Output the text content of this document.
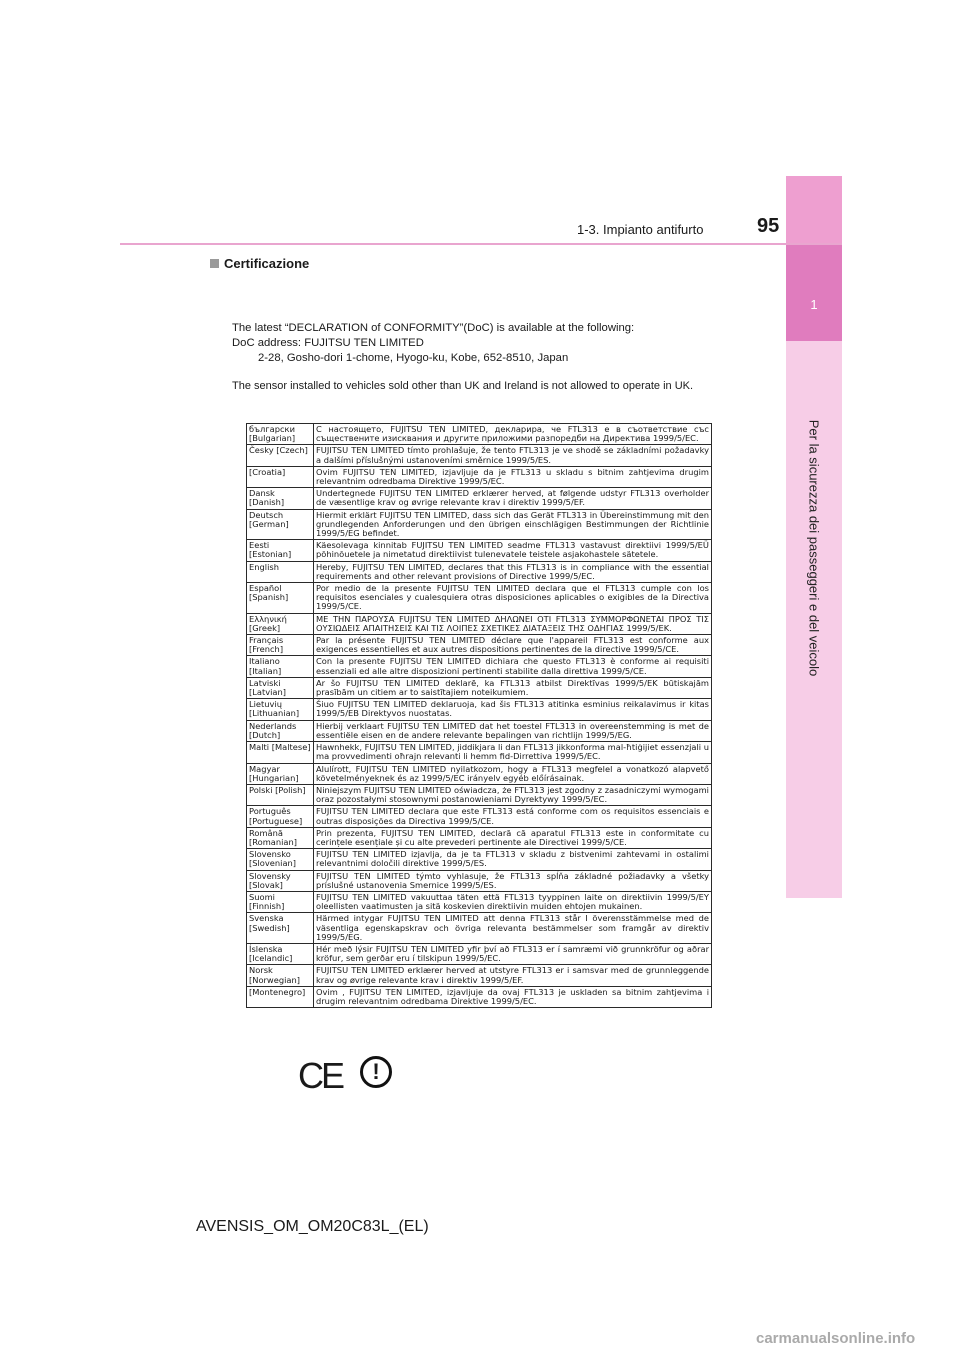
1
Per la sicurezza dei passeggeri e del veicolo
1-3. Impianto antifurto	95
Certificazione
The latest “DECLARATION of CONFORMITY”(DoC) is available at the following:
DoC address: FUJITSU TEN LIMITED
2-28, Gosho-dori 1-chome, Hyogo-ku, Kobe, 652-8510, Japan
The sensor installed to vehicles sold other than UK and Ireland is not allowed to operate in UK.
български [Bulgarian]	С настоящето, FUJITSU TEN LIMITED, декларира, че FTL313 е в съответствие със съществените изисквания и другите приложими разпоредби на Директива 1999/5/ЕС.
Česky [Czech]	FUJITSU TEN LIMITED tímto prohlašuje, že tento FTL313 je ve shodě se základními požadavky a dalšími příslušnými ustanoveními směrnice 1999/5/ES.
[Croatia]	Ovim FUJITSU TEN LIMITED, izjavljuje da je FTL313 u skladu s bitnim zahtjevima drugim relevantnim odredbama Direktive 1999/5/EC.
Dansk [Danish]	Undertegnede FUJITSU TEN LIMITED erklærer herved, at følgende udstyr FTL313 overholder de væsentlige krav og øvrige relevante krav i direktiv 1999/5/EF.
Deutsch [German]	Hiermit erklärt FUJITSU TEN LIMITED, dass sich das Gerät FTL313 in Übereinstimmung mit den grundlegenden Anforderungen und den übrigen einschlägigen Bestimmungen der Richtlinie 1999/5/EG befindet.
Eesti [Estonian]	Käesolevaga kinnitab FUJITSU TEN LIMITED seadme FTL313 vastavust direktiivi 1999/5/EÜ põhinõuetele ja nimetatud direktiivist tulenevatele teistele asjakohastele sätetele.
English	Hereby, FUJITSU TEN LIMITED, declares that this FTL313 is in compliance with the essential requirements and other relevant provisions of Directive 1999/5/EC.
Español [Spanish]	Por medio de la presente FUJITSU TEN LIMITED declara que el FTL313 cumple con los requisitos esenciales y cualesquiera otras disposiciones aplicables o exigibles de la Directiva 1999/5/CE.
Ελληνική [Greek]	ΜΕ ΤΗΝ ΠΑΡΟΥΣΑ FUJITSU TEN LIMITED ΔΗΛΩΝΕΙ ΟΤΙ FTL313 ΣΥΜΜΟΡΦΩΝΕΤΑΙ ΠΡΟΣ ΤΙΣ ΟΥΣΙΩΔΕΙΣ ΑΠΑΙΤΗΣΕΙΣ ΚΑΙ ΤΙΣ ΛΟΙΠΕΣ ΣΧΕΤΙΚΕΣ ΔΙΑΤΑΞΕΙΣ ΤΗΣ ΟΔΗΓΙΑΣ 1999/5/ΕΚ.
Français [French]	Par la présente FUJITSU TEN LIMITED déclare que l'appareil FTL313 est conforme aux exigences essentielles et aux autres dispositions pertinentes de la directive 1999/5/CE.
Italiano [Italian]	Con la presente FUJITSU TEN LIMITED dichiara che questo FTL313 è conforme ai requisiti essenziali ed alle altre disposizioni pertinenti stabilite dalla direttiva 1999/5/CE.
Latviski [Latvian]	Ar šo FUJITSU TEN LIMITED deklarē, ka FTL313 atbilst Direktīvas 1999/5/EK būtiskajām prasībām un citiem ar to saistītajiem noteikumiem.
Lietuvių [Lithuanian]	Šiuo FUJITSU TEN LIMITED deklaruoja, kad šis FTL313 atitinka esminius reikalavimus ir kitas 1999/5/EB Direktyvos nuostatas.
Nederlands [Dutch]	Hierbij verklaart FUJITSU TEN LIMITED dat het toestel FTL313 in overeenstemming is met de essentiële eisen en de andere relevante bepalingen van richtlijn 1999/5/EG.
Malti [Maltese]	Hawnhekk, FUJITSU TEN LIMITED, jiddikjara li dan FTL313 jikkonforma mal-ħtiġijiet essenzjali u ma provvedimenti oħrajn relevanti li hemm fid-Dirrettiva 1999/5/EC.
Magyar [Hungarian]	Alulírott, FUJITSU TEN LIMITED nyilatkozom, hogy a FTL313 megfelel a vonatkozó alapvető követelményeknek és az 1999/5/EC irányelv egyéb előírásainak.
Polski [Polish]	Niniejszym FUJITSU TEN LIMITED oświadcza, że FTL313 jest zgodny z zasadniczymi wymogami oraz pozostałymi stosownymi postanowieniami Dyrektywy 1999/5/EC.
Português [Portuguese]	FUJITSU TEN LIMITED declara que este FTL313 está conforme com os requisitos essenciais e outras disposições da Directiva 1999/5/CE.
Română [Romanian]	Prin prezenta, FUJITSU TEN LIMITED, declară că aparatul FTL313 este in conformitate cu cerințele esențiale și cu alte prevederi pertinente ale Directivei 1999/5/CE.
Slovensko [Slovenian]	FUJITSU TEN LIMITED izjavlja, da je ta FTL313 v skladu z bistvenimi zahtevami in ostalimi relevantnimi določili direktive 1999/5/ES.
Slovensky [Slovak]	FUJITSU TEN LIMITED týmto vyhlasuje, že FTL313 spĺňa základné požiadavky a všetky príslušné ustanovenia Smernice 1999/5/ES.
Suomi [Finnish]	FUJITSU TEN LIMITED vakuuttaa täten että FTL313 tyyppinen laite on direktiivin 1999/5/EY oleellisten vaatimusten ja sitä koskevien direktiivin muiden ehtojen mukainen.
Svenska [Swedish]	Härmed intygar FUJITSU TEN LIMITED att denna FTL313 står I överensstämmelse med de väsentliga egenskapskrav och övriga relevanta bestämmelser som framgår av direktiv 1999/5/EG.
Íslenska [Icelandic]	Hér með lýsir FUJITSU TEN LIMITED yfir því að FTL313 er í samræmi við grunnkröfur og aðrar kröfur, sem gerðar eru í tilskipun 1999/5/EC.
Norsk [Norwegian]	FUJITSU TEN LIMITED erklærer herved at utstyre FTL313 er i samsvar med de grunnleggende krav og øvrige relevante krav i direktiv 1999/5/EF.
[Montenegro]	Ovim , FUJITSU TEN LIMITED, izjavljuje da ovaj FTL313 je uskladen sa bitnim zahtjevima i drugim relevantnim odredbama Direktive 1999/5/EC.
CE	!
AVENSIS_OM_OM20C83L_(EL)
carmanualsonline.info
